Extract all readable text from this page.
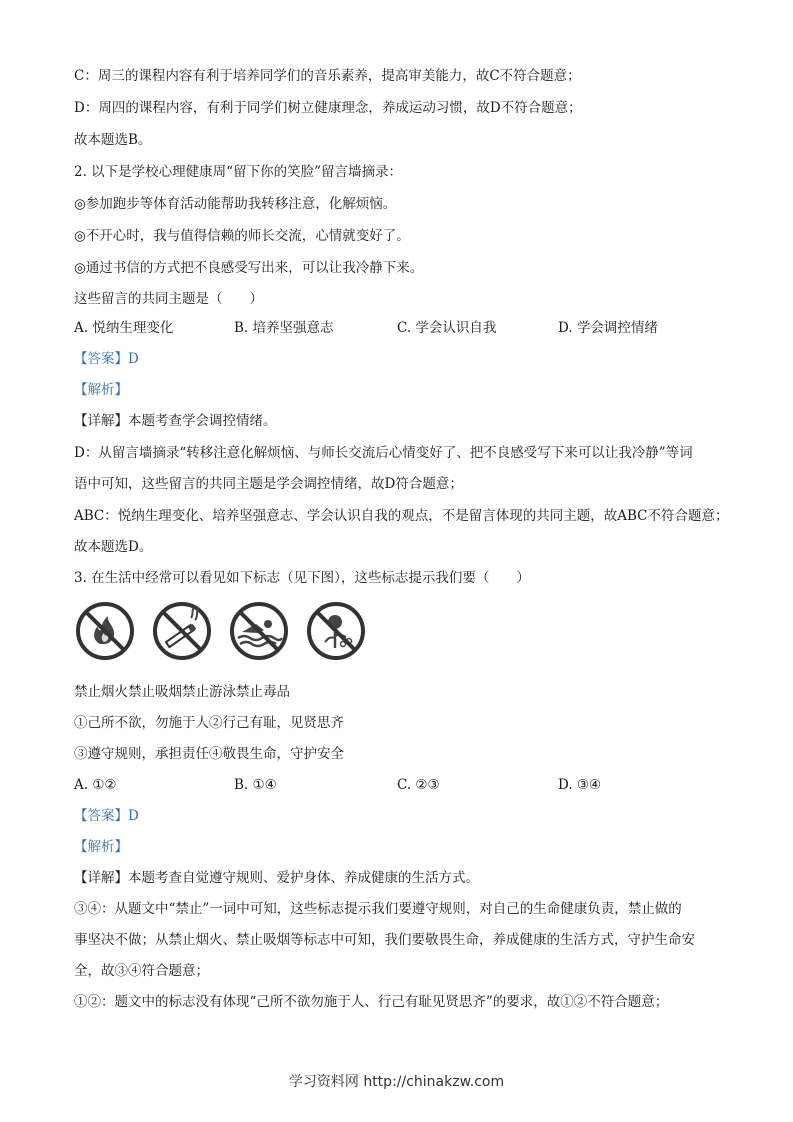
C：周三的课程内容有利于培养同学们的音乐素养，提高审美能力，故C不符合题意；
D：周四的课程内容，有利于同学们树立健康理念，养成运动习惯，故D不符合题意；
故本题选B。
2. 以下是学校心理健康周“留下你的笑脸”留言墙摘录：
◎参加跑步等体育活动能帮助我转移注意，化解烦恼。
◎不开心时，我与值得信赖的师长交流，心情就变好了。
◎通过书信的方式把不良感受写出来，可以让我冷静下来。
这些留言的共同主题是（　　）
A. 悦纳生理变化	B. 培养坚强意志	C. 学会认识自我	D. 学会调控情绪
【答案】D
【解析】
【详解】本题考查学会调控情绪。
D：从留言墙摘录“转移注意化解烦恼、与师长交流后心情变好了、把不良感受写下来可以让我冷静”等词
语中可知，这些留言的共同主题是学会调控情绪，故D符合题意；
ABC：悦纳生理变化、培养坚强意志、学会认识自我的观点，不是留言体现的共同主题，故ABC不符合题意；
故本题选D。
3. 在生活中经常可以看见如下标志（见下图），这些标志提示我们要（　　）
禁止烟火禁止吸烟禁止游泳禁止毒品
①己所不欲，勿施于人②行己有耻，见贤思齐
③遵守规则，承担责任④敬畏生命，守护安全
A. ①②	B. ①④	C. ②③	D. ③④
【答案】D
【解析】
【详解】本题考查自觉遵守规则、爱护身体、养成健康的生活方式。
③④：从题文中“禁止”一词中可知，这些标志提示我们要遵守规则，对自己的生命健康负责，禁止做的
事坚决不做；从禁止烟火、禁止吸烟等标志中可知，我们要敬畏生命，养成健康的生活方式，守护生命安
全，故③④符合题意；
①②：题文中的标志没有体现“己所不欲勿施于人、行己有耻见贤思齐”的要求，故①②不符合题意；
学习资料网 http://chinakzw.com
